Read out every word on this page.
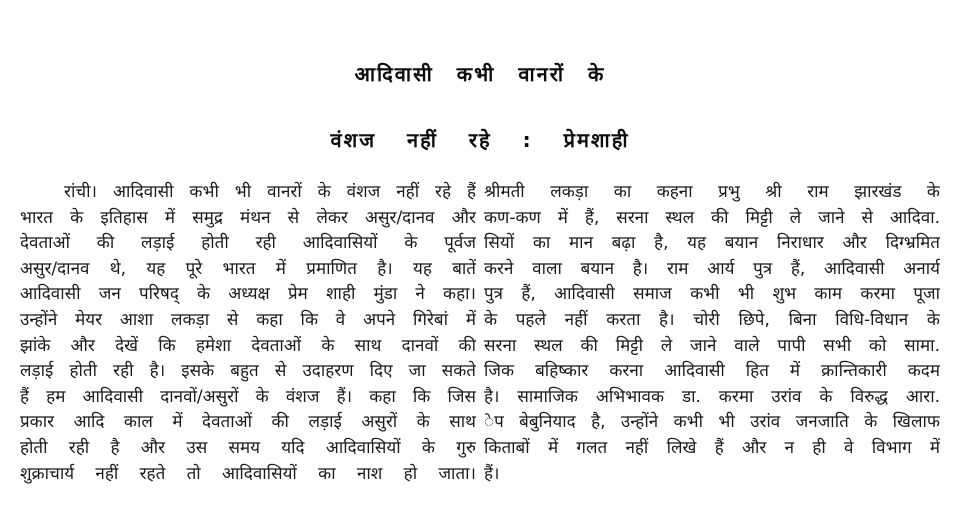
आदिवासी कभी वानरों के
वंशज नहीं रहे : प्रेमशाही
रांची। आदिवासी कभी भी वानरों के वंशज नहीं रहे हैं
भारत के इतिहास में समुद्र मंथन से लेकर असुर/दानव और
देवताओं की लड़ाई होती रही आदिवासियों के पूर्वज
असुर/दानव थे, यह पूरे भारत में प्रमाणित है। यह बातें
आदिवासी जन परिषद् के अध्यक्ष प्रेम शाही मुंडा ने कहा।
उन्होंने मेयर आशा लकड़ा से कहा कि वे अपने गिरेबां में
झांके और देखें कि हमेशा देवताओं के साथ दानवों की
लड़ाई होती रही है। इसके बहुत से उदाहरण दिए जा सकते
हैं हम आदिवासी दानवों/असुरों के वंशज हैं। कहा कि जिस
प्रकार आदि काल में देवताओं की लड़ाई असुरों के साथ
होती रही है और उस समय यदि आदिवासियों के गुरु
शुक्राचार्य नहीं रहते तो आदिवासियों का नाश हो जाता।
श्रीमती लकड़ा का कहना प्रभु श्री राम झारखंड के
कण-कण में हैं, सरना स्थल की मिट्टी ले जाने से आदिवा.
सियों का मान बढ़ा है, यह बयान निराधार और दिग्भ्रमित
करने वाला बयान है। राम आर्य पुत्र हैं, आदिवासी अनार्य
पुत्र हैं, आदिवासी समाज कभी भी शुभ काम करमा पूजा
के पहले नहीं करता है। चोरी छिपे, बिना विधि-विधान के
सरना स्थल की मिट्टी ले जाने वाले पापी सभी को सामा.
जिक बहिष्कार करना आदिवासी हित में क्रान्तिकारी कदम
है। सामाजिक अभिभावक डा. करमा उरांव के विरुद्ध आरा.
ेप बेबुनियाद है, उन्होंने कभी भी उरांव जनजाति के खिलाफ
किताबों में गलत नहीं लिखे हैं और न ही वे विभाग में
हैं।
